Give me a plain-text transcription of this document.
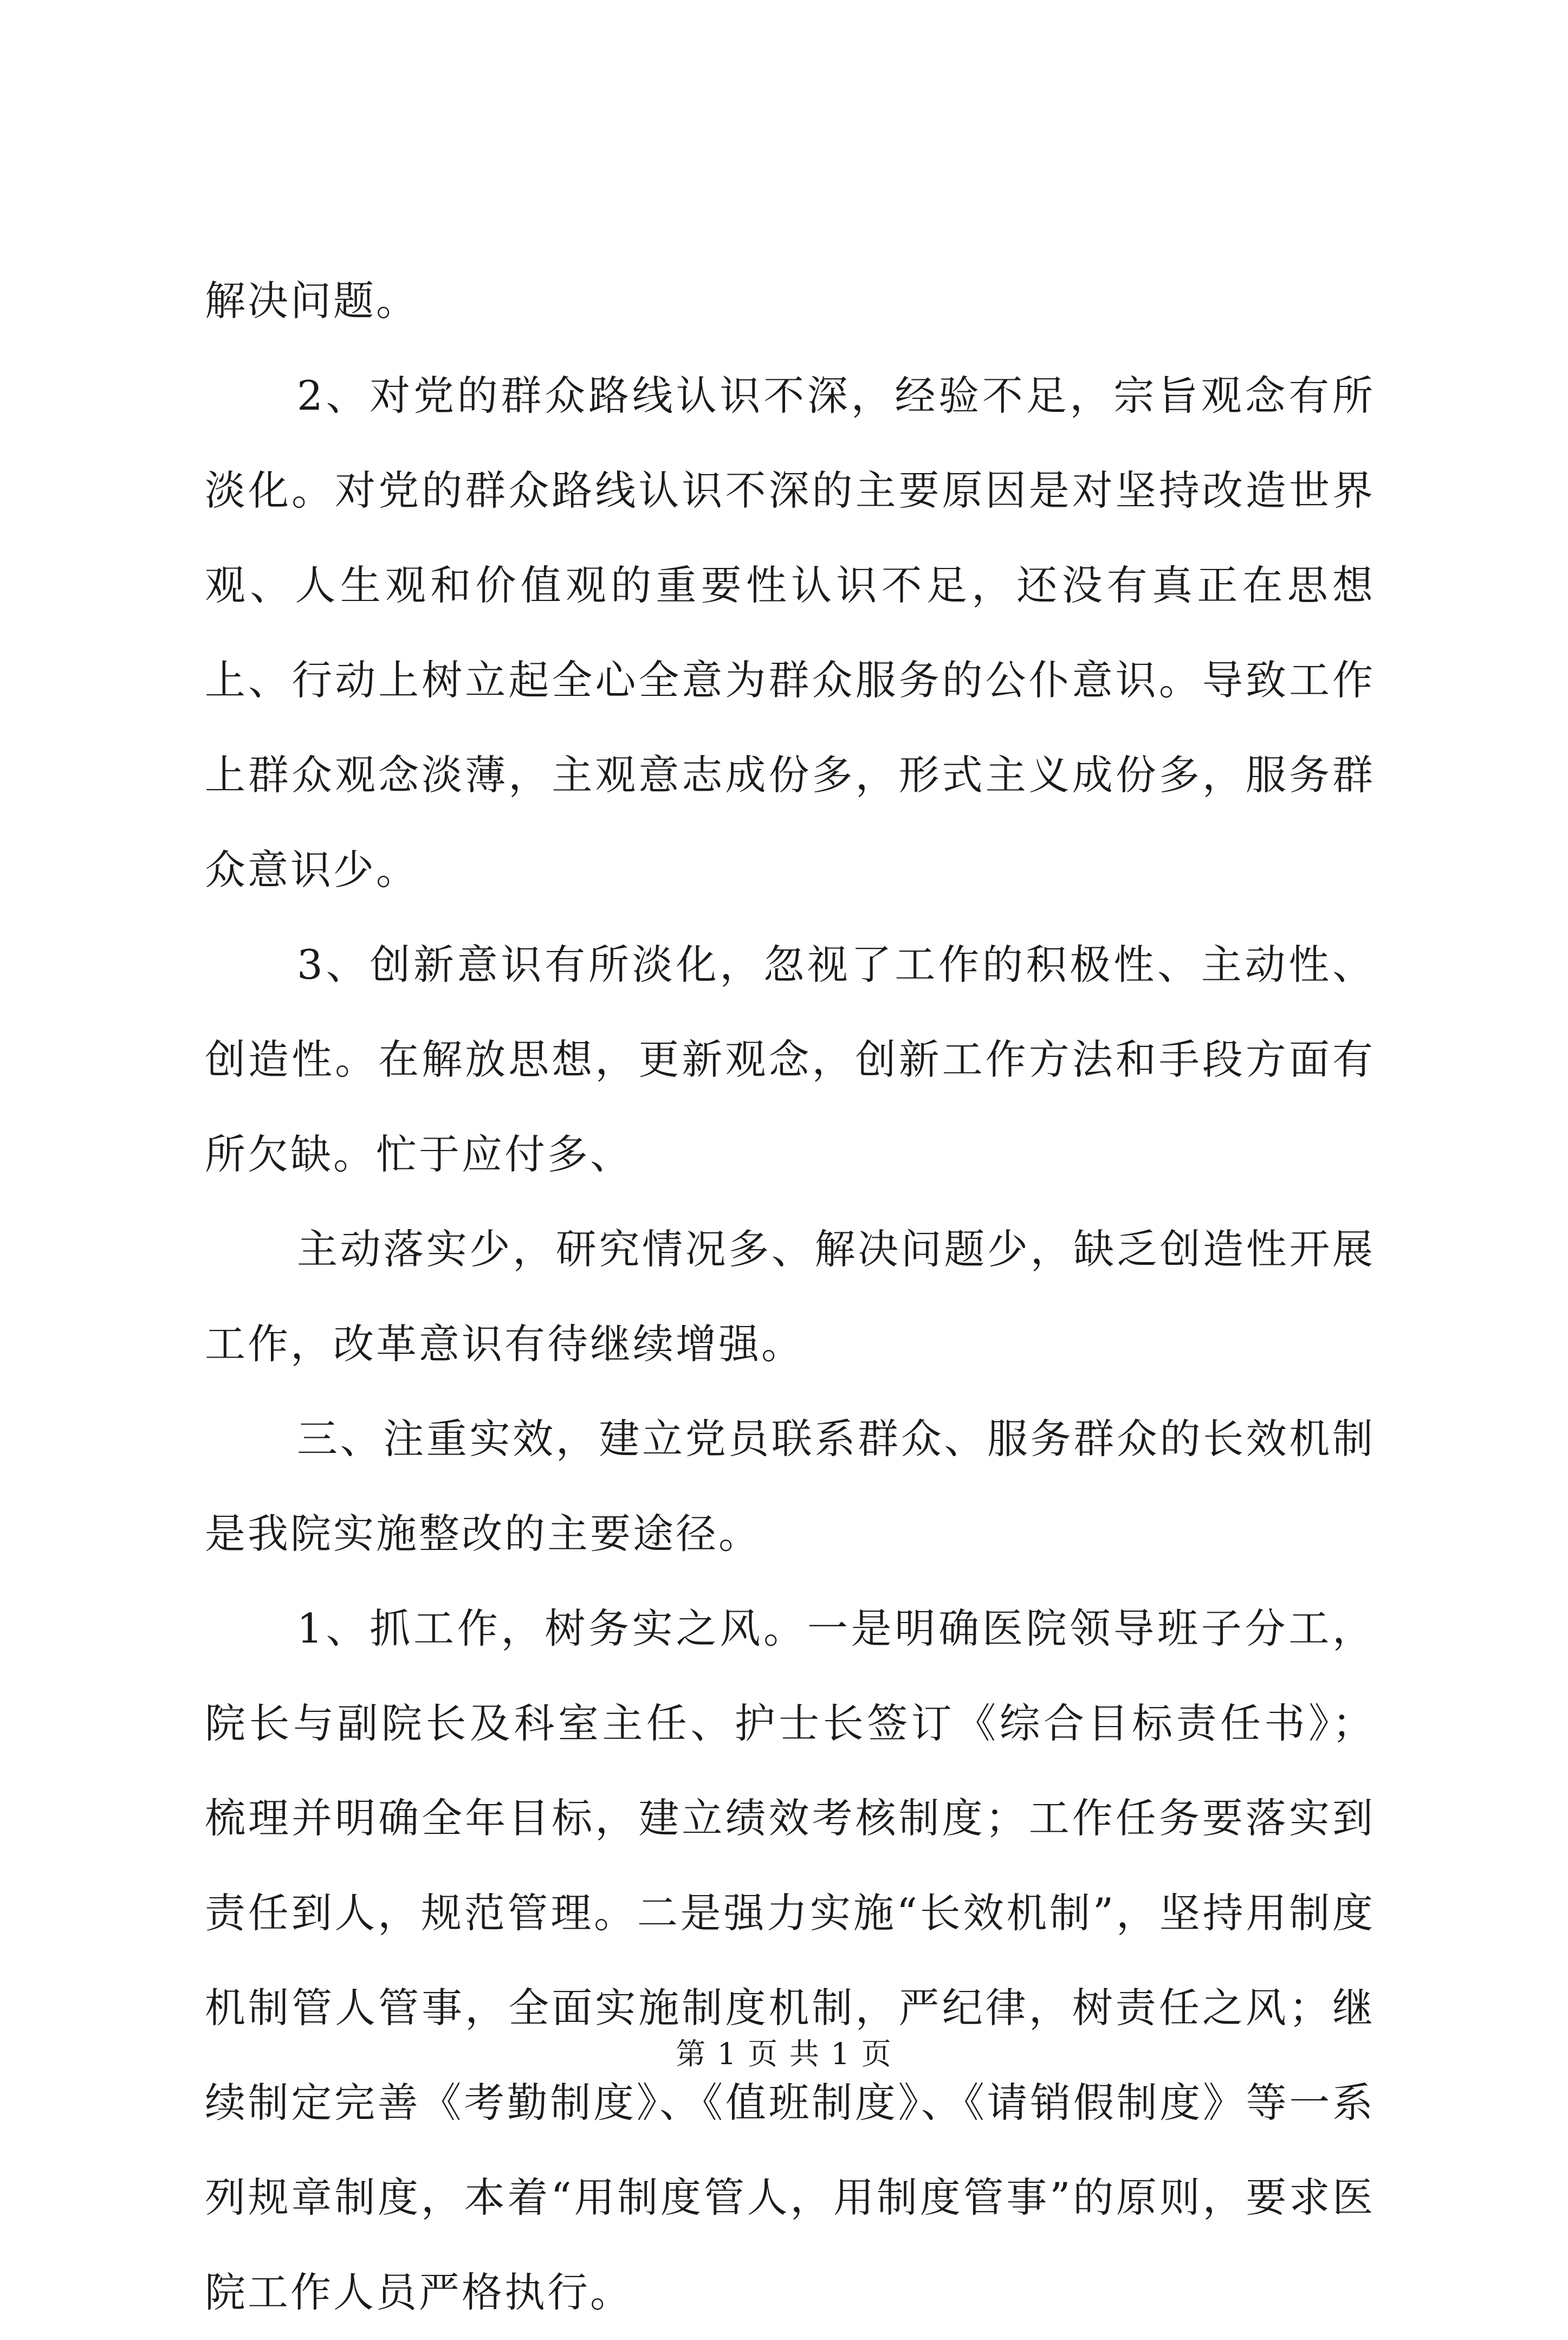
解决问题。

2、对党的群众路线认识不深，经验不足，宗旨观念有所淡化。对党的群众路线认识不深的主要原因是对坚持改造世界观、人生观和价值观的重要性认识不足，还没有真正在思想上、行动上树立起全心全意为群众服务的公仆意识。导致工作上群众观念淡薄，主观意志成份多，形式主义成份多，服务群众意识少。

3、创新意识有所淡化，忽视了工作的积极性、主动性、创造性。在解放思想，更新观念，创新工作方法和手段方面有所欠缺。忙于应付多、

主动落实少，研究情况多、解决问题少，缺乏创造性开展工作，改革意识有待继续增强。

三、注重实效，建立党员联系群众、服务群众的长效机制是我院实施整改的主要途径。

1、抓工作，树务实之风。一是明确医院领导班子分工，院长与副院长及科室主任、护士长签订《综合目标责任书》；梳理并明确全年目标，建立绩效考核制度；工作任务要落实到责任到人，规范管理。二是强力实施“长效机制”，坚持用制度机制管人管事，全面实施制度机制，严纪律，树责任之风；继续制定完善《考勤制度》、《值班制度》、《请销假制度》等一系列规章制度，本着“用制度管人，用制度管事”的原则，要求医院工作人员严格执行。

第 1 页 共 1 页
